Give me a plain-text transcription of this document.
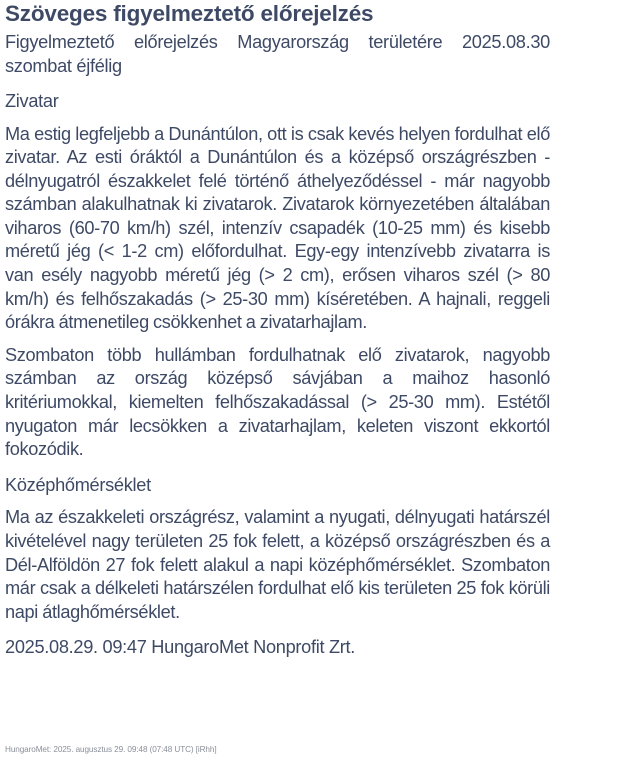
Szöveges figyelmeztető előrejelzés

Figyelmeztető előrejelzés Magyarország területére 2025.08.30 szombat éjfélig

Zivatar

Ma estig legfeljebb a Dunántúlon, ott is csak kevés helyen fordulhat elő zivatar. Az esti óráktól a Dunántúlon és a középső országrészben - délnyugatról északkelet felé történő áthelyeződéssel - már nagyobb számban alakulhatnak ki zivatarok. Zivatarok környezetében általában viharos (60-70 km/h) szél, intenzív csapadék (10-25 mm) és kisebb méretű jég (< 1-2 cm) előfordulhat. Egy-egy intenzívebb zivatarra is van esély nagyobb méretű jég (> 2 cm), erősen viharos szél (> 80 km/h) és felhőszakadás (> 25-30 mm) kíséretében. A hajnali, reggeli órákra átmenetileg csökkenhet a zivatarhajlam.

Szombaton több hullámban fordulhatnak elő zivatarok, nagyobb számban az ország középső sávjában a maihoz hasonló kritériumokkal, kiemelten felhőszakadással (> 25-30 mm). Estétől nyugaton már lecsökken a zivatarhajlam, keleten viszont ekkortól fokozódik.

Középhőmérséklet

Ma az északkeleti országrész, valamint a nyugati, délnyugati határszél kivételével nagy területen 25 fok felett, a középső országrészben és a Dél-Alföldön 27 fok felett alakul a napi középhőmérséklet. Szombaton már csak a délkeleti határszélen fordulhat elő kis területen 25 fok körüli napi átlaghőmérséklet.

2025.08.29. 09:47 HungaroMet Nonprofit Zrt.

HungaroMet: 2025. augusztus 29. 09:48 (07:48 UTC) [iRhh]
